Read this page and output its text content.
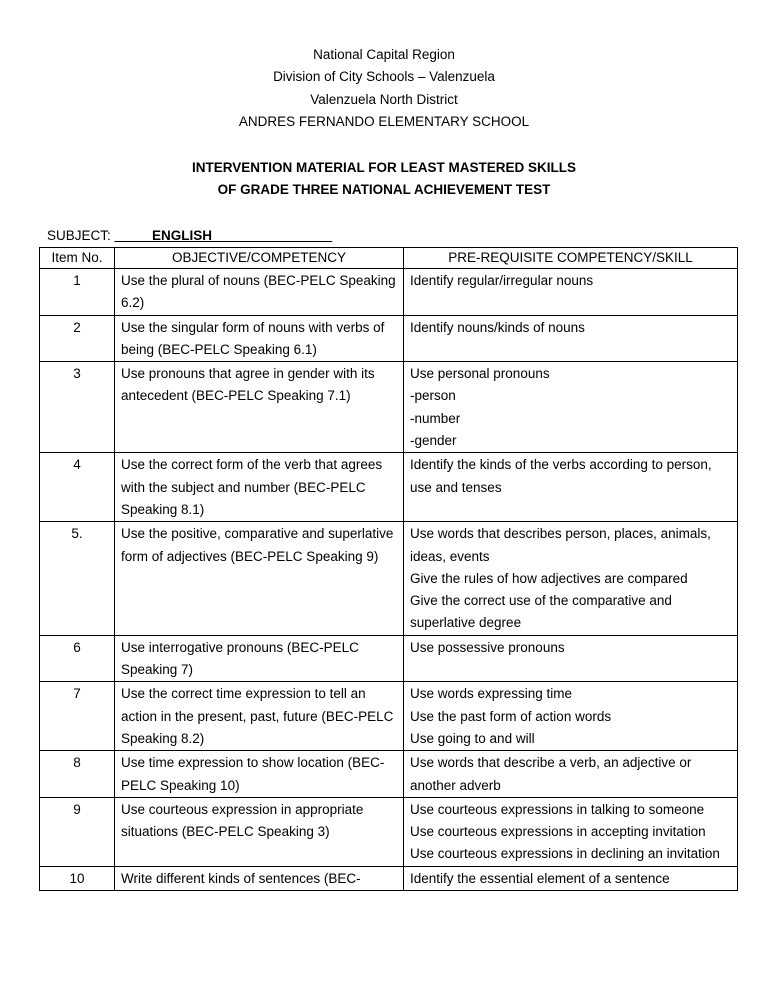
National Capital Region
Division of City Schools – Valenzuela
Valenzuela North District
ANDRES FERNANDO ELEMENTARY SCHOOL
INTERVENTION MATERIAL FOR LEAST MASTERED SKILLS
OF GRADE THREE NATIONAL ACHIEVEMENT TEST
SUBJECT: _____ENGLISH________________
Item No.	OBJECTIVE/COMPETENCY	PRE-REQUISITE COMPETENCY/SKILL
1	Use the plural of nouns (BEC-PELC Speaking 6.2)	Identify regular/irregular nouns

2	Use the singular form of nouns with verbs of being (BEC-PELC Speaking 6.1)	Identify nouns/kinds of nouns

3	Use pronouns that agree in gender with its antecedent (BEC-PELC Speaking 7.1)	Use personal pronouns
-person
-number
-gender

4	Use the correct form of the verb that agrees with the subject and number (BEC-PELC Speaking 8.1)	Identify the kinds of the verbs according to person, use and tenses

5.	Use the positive, comparative and superlative form of adjectives (BEC-PELC Speaking 9)	Use words that describes person, places, animals, ideas, events
Give the rules of how adjectives are compared
Give the correct use of the comparative and superlative degree

6	Use interrogative pronouns (BEC-PELC Speaking 7)	Use possessive pronouns

7	Use the correct time expression to tell an action in the present, past, future (BEC-PELC Speaking 8.2)	Use words expressing time
Use the past form of action words
Use going to and will

8	Use time expression to show location (BEC-PELC Speaking 10)	Use words that describe a verb, an adjective or another adverb

9	Use courteous expression in appropriate situations (BEC-PELC Speaking 3)	Use courteous expressions in talking to someone
Use courteous expressions in accepting invitation
Use courteous expressions in declining an invitation

10	Write different kinds of sentences (BEC-	Identify the essential element of a sentence
